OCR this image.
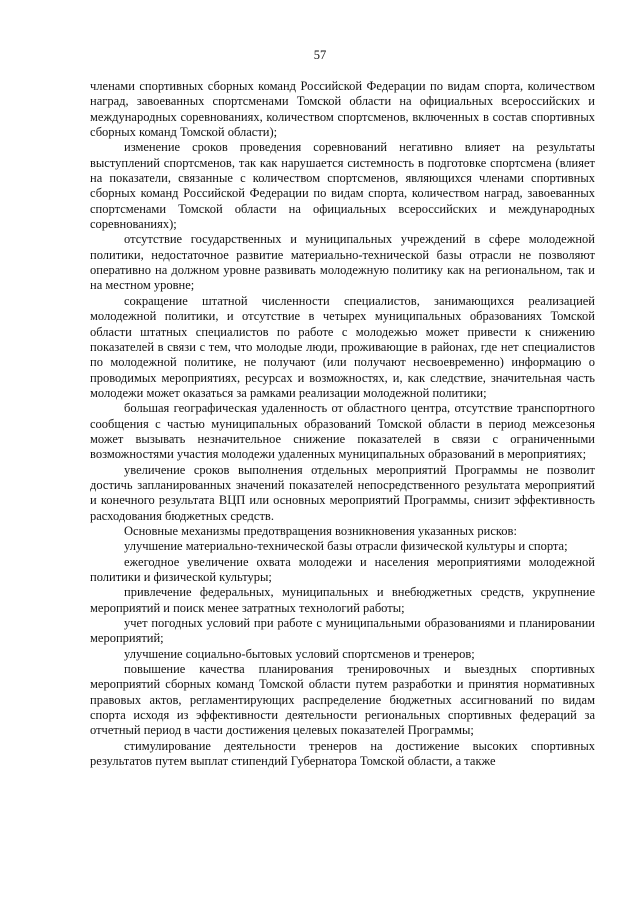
57

членами спортивных сборных команд Российской Федерации по видам спорта, количеством наград, завоеванных спортсменами Томской области на официальных всероссийских и международных соревнованиях, количеством спортсменов, включенных в состав спортивных сборных команд Томской области);

изменение сроков проведения соревнований негативно влияет на результаты выступлений спортсменов, так как нарушается системность в подготовке спортсмена (влияет на показатели, связанные с количеством спортсменов, являющихся членами спортивных сборных команд Российской Федерации по видам спорта, количеством наград, завоеванных спортсменами Томской области на официальных всероссийских и международных соревнованиях);

отсутствие государственных и муниципальных учреждений в сфере молодежной политики, недостаточное развитие материально-технической базы отрасли не позволяют оперативно на должном уровне развивать молодежную политику как на региональном, так и на местном уровне;

сокращение штатной численности специалистов, занимающихся реализацией молодежной политики, и отсутствие в четырех муниципальных образованиях Томской области штатных специалистов по работе с молодежью может привести к снижению показателей в связи с тем, что молодые люди, проживающие в районах, где нет специалистов по молодежной политике, не получают (или получают несвоевременно) информацию о проводимых мероприятиях, ресурсах и возможностях, и, как следствие, значительная часть молодежи может оказаться за рамками реализации молодежной политики;

большая географическая удаленность от областного центра, отсутствие транспортного сообщения с частью муниципальных образований Томской области в период межсезонья может вызывать незначительное снижение показателей в связи с ограниченными возможностями участия молодежи удаленных муниципальных образований в мероприятиях;

увеличение сроков выполнения отдельных мероприятий Программы не позволит достичь запланированных значений показателей непосредственного результата мероприятий и конечного результата ВЦП или основных мероприятий Программы, снизит эффективность расходования бюджетных средств.

Основные механизмы предотвращения возникновения указанных рисков:

улучшение материально-технической базы отрасли физической культуры и спорта;

ежегодное увеличение охвата молодежи и населения мероприятиями молодежной политики и физической культуры;

привлечение федеральных, муниципальных и внебюджетных средств, укрупнение мероприятий и поиск менее затратных технологий работы;

учет погодных условий при работе с муниципальными образованиями и планировании мероприятий;

улучшение социально-бытовых условий спортсменов и тренеров;

повышение качества планирования тренировочных и выездных спортивных мероприятий сборных команд Томской области путем разработки и принятия нормативных правовых актов, регламентирующих распределение бюджетных ассигнований по видам спорта исходя из эффективности деятельности региональных спортивных федераций за отчетный период в части достижения целевых показателей Программы;

стимулирование деятельности тренеров на достижение высоких спортивных результатов путем выплат стипендий Губернатора Томской области, а также
